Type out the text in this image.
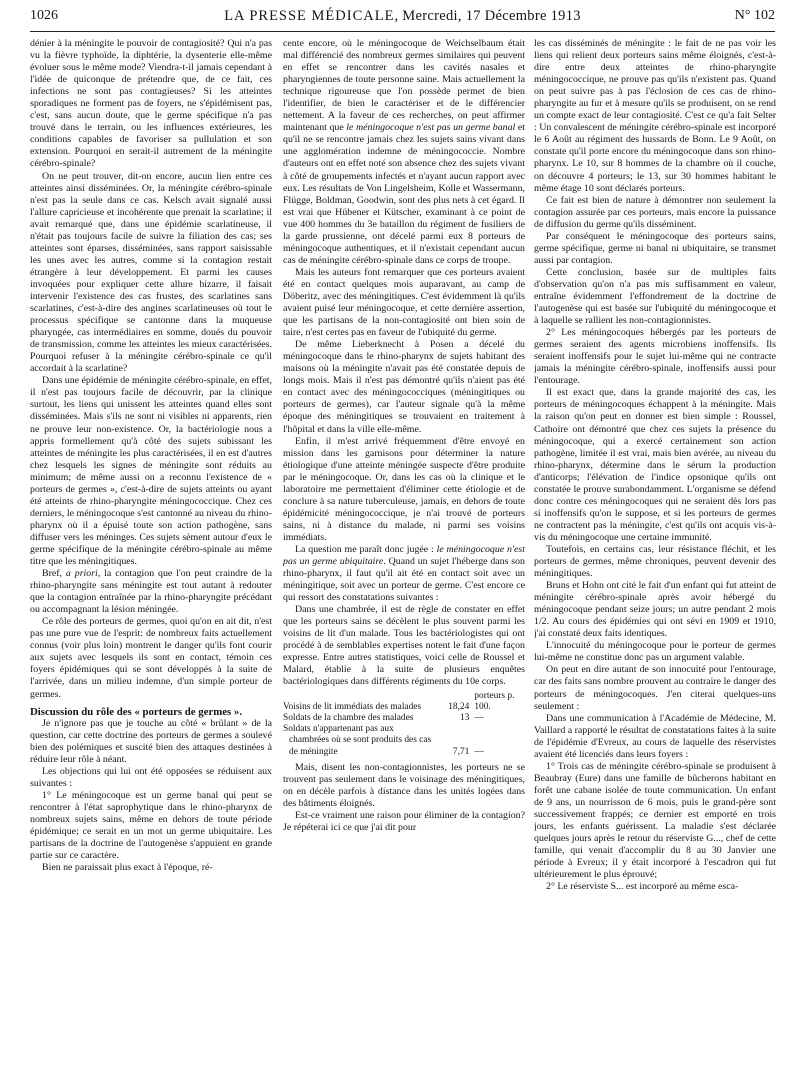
1026	LA PRESSE MÉDICALE, Mercredi, 17 Décembre 1913	N° 102

dénier à la méningite le pouvoir de contagiosité? Qui n'a pas vu la fièvre typhoïde, la diphtérie, la dysenterie elle-même évoluer sous le même mode? Viendra-t-il jamais cependant à l'idée de quiconque de prétendre que, de ce fait, ces infections ne sont pas contagieuses? Si les atteintes sporadiques ne forment pas de foyers, ne s'épidémisent pas, c'est, sans aucun doute, que le germe spécifique n'a pas trouvé dans le terrain, ou les influences extérieures, les conditions capables de favoriser sa pullulation et son extension. Pourquoi en serait-il autrement de la méningite cérébro-spinale?

On ne peut trouver, dit-on encore, aucun lien entre ces atteintes ainsi disséminées. Or, la méningite cérébro-spinale n'est pas la seule dans ce cas. Kelsch avait signalé aussi l'allure capricieuse et incohérente que prenait la scarlatine; il avait remarqué que, dans une épidémie scarlatineuse, il n'était pas toujours facile de suivre la filiation des cas; ses atteintes sont éparses, disséminées, sans rapport saisissable les unes avec les autres, comme si la contagion restait étrangère à leur développement. Et parmi les causes invoquées pour expliquer cette allure bizarre, il faisait intervenir l'existence des cas frustes, des scarlatines sans scarlatines, c'est-à-dire des angines scarlatineuses où tout le processus spécifique se cantonne dans la muqueuse pharyngée, cas intermédiaires en somme, doués du pouvoir de transmission, comme les atteintes les mieux caractérisées. Pourquoi refuser à la méningite cérébro-spinale ce qu'il accordait à la scarlatine?

Dans une épidémie de méningite cérébro-spinale, en effet, il n'est pas toujours facile de découvrir, par la clinique surtout, les liens qui unissent les atteintes quand elles sont disséminées. Mais s'ils ne sont ni visibles ni apparents, rien ne prouve leur non-existence. Or, la bactériologie nous a appris formellement qu'à côté des sujets subissant les atteintes de méningite les plus caractérisées, il en est d'autres chez lesquels les signes de méningite sont réduits au minimum; de même aussi on a reconnu l'existence de « porteurs de germes », c'est-à-dire de sujets atteints ou ayant été atteints de rhino-pharyngite méningococcique. Chez ces derniers, le méningocoque s'est cantonné au niveau du rhino-pharynx où il a épuisé toute son action pathogène, sans diffuser vers les méninges. Ces sujets sèment autour d'eux le germe spécifique de la méningite cérébro-spinale au même titre que les méningitiques.

Bref, a priori, la contagion que l'on peut craindre de la rhino-pharyngite sans méningite est tout autant à redouter que la contagion entraînée par la rhino-pharyngite précédant ou accompagnant la lésion méningée.

Ce rôle des porteurs de germes, quoi qu'on en ait dit, n'est pas une pure vue de l'esprit: de nombreux faits actuellement connus (voir plus loin) montrent le danger qu'ils font courir aux sujets avec lesquels ils sont en contact, témoin ces foyers épidémiques qui se sont développés à la suite de l'arrivée, dans un milieu indemne, d'un simple porteur de germes.

Discussion du rôle des « porteurs de germes ».

Je n'ignore pas que je touche au côté « brûlant » de la question, car cette doctrine des porteurs de germes a soulevé bien des polémiques et suscité bien des attaques destinées à réduire leur rôle à néant.

Les objections qui lui ont été opposées se réduisent aux suivantes :

1° Le méningocoque est un germe banal qui peut se rencontrer à l'état saprophytique dans le rhino-pharynx de nombreux sujets sains, même en dehors de toute période épidémique; ce serait en un mot un germe ubiquitaire. Les partisans de la doctrine de l'autogenèse s'appuient en grande partie sur ce caractère.

Bien ne paraissait plus exact à l'époque, ré-

cente encore, où le méningocoque de Weichselbaum était mal différencié des nombreux germes similaires qui peuvent en effet se rencontrer dans les cavités nasales et pharyngiennes de toute personne saine. Mais actuellement la technique rigoureuse que l'on possède permet de bien l'identifier, de bien le caractériser et de le différencier nettement. A la faveur de ces recherches, on peut affirmer maintenant que le méningocoque n'est pas un germe banal et qu'il ne se rencontre jamais chez les sujets sains vivant dans une agglomération indemne de méningococcie. Nombre d'auteurs ont en effet noté son absence chez des sujets vivant à côté de groupements infectés et n'ayant aucun rapport avec eux. Les résultats de Von Lingelsheim, Kolle et Wassermann, Flügge, Boldman, Goodwin, sont des plus nets à cet égard. Il est vrai que Hübener et Kütscher, examinant à ce point de vue 400 hommes du 3e bataillon du régiment de fusiliers de la garde prussienne, ont décelé parmi eux 8 porteurs de méningocoque authentiques, et il n'existait cependant aucun cas de méningite cérébro-spinale dans ce corps de troupe.

Mais les auteurs font remarquer que ces porteurs avaient été en contact quelques mois auparavant, au camp de Döberitz, avec des méningitiques. C'est évidemment là qu'ils avaient puisé leur méningocoque, et cette dernière assertion, que les partisans de la non-contagiosité ont bien soin de taire, n'est certes pas en faveur de l'ubiquité du germe.

De même Lieberknecht à Posen a décelé du méningocoque dans le rhino-pharynx de sujets habitant des maisons où la méningite n'avait pas été constatée depuis de longs mois. Mais il n'est pas démontré qu'ils n'aient pas été en contact avec des méningococciques (méningitiques ou porteurs de germes), car l'auteur signale qu'à la même époque des méningitiques se trouvaient en traitement à l'hôpital et dans la ville elle-même.

Enfin, il m'est arrivé fréquemment d'être envoyé en mission dans les garnisons pour déterminer la nature étiologique d'une atteinte méningée suspecte d'être produite par le méningocoque. Or, dans les cas où la clinique et le laboratoire me permettaient d'éliminer cette étiologie et de conclure à sa nature tuberculeuse, jamais, en dehors de toute épidémicité méningococcique, je n'ai trouvé de porteurs sains, ni à distance du malade, ni parmi ses voisins immédiats.

La question me paraît donc jugée : le méningocoque n'est pas un germe ubiquitaire. Quand un sujet l'héberge dans son rhino-pharynx, il faut qu'il ait été en contact soit avec un méningitique, soit avec un porteur de germe. C'est encore ce qui ressort des constatations suivantes :

Dans une chambrée, il est de règle de constater en effet que les porteurs sains se décèlent le plus souvent parmi les voisins de lit d'un malade. Tous les bactériologistes qui ont procédé à de semblables expertises notent le fait d'une façon expresse. Entre autres statistiques, voici celle de Roussel et Malard, établie à la suite de plusieurs enquêtes bactériologiques dans différents régiments du 10e corps.

Voisins de lit immédiats des malades	18,24	porteurs p. 100.
Soldats de la chambre des malades	13	—
Soldats n'appartenant pas aux chambrées où se sont produits des cas de méningite	7,71	—

Mais, disent les non-contagionnistes, les porteurs ne se trouvent pas seulement dans le voisinage des méningitiques, on en décèle parfois à distance dans les unités logées dans des bâtiments éloignés.

Est-ce vraiment une raison pour éliminer de la contagion? Je répéterai ici ce que j'ai dit pour

les cas disséminés de méningite : le fait de ne pas voir les liens qui relient deux porteurs sains même éloignés, c'est-à-dire entre deux atteintes de rhino-pharyngite méningococcique, ne prouve pas qu'ils n'existent pas. Quand on peut suivre pas à pas l'éclosion de ces cas de rhino-pharyngite au fur et à mesure qu'ils se produisent, on se rend un compte exact de leur contagiosité. C'est ce qu'a fait Selter : Un convalescent de méningite cérébro-spinale est incorporé le 6 Août au régiment des hussards de Bonn. Le 9 Août, on constate qu'il porte encore du méningocoque dans son rhino-pharynx. Le 10, sur 8 hommes de la chambre où il couche, on découvre 4 porteurs; le 13, sur 30 hommes habitant le même étage 10 sont déclarés porteurs.

Ce fait est bien de nature à démontrer non seulement la contagion assurée par ces porteurs, mais encore la puissance de diffusion du germe qu'ils disséminent.

Par conséquent le méningocoque des porteurs sains, germe spécifique, germe ni banal ni ubiquitaire, se transmet aussi par contagion.

Cette conclusion, basée sur de multiples faits d'observation qu'on n'a pas mis suffisamment en valeur, entraîne évidemment l'effondrement de la doctrine de l'autogenèse qui est basée sur l'ubiquité du méningocoque et à laquelle se rallient les non-contagionnistes.

2° Les méningocoques hébergés par les porteurs de germes seraient des agents microbiens inoffensifs. Ils seraient inoffensifs pour le sujet lui-même qui ne contracte jamais la méningite cérébro-spinale, inoffensifs aussi pour l'entourage.

Il est exact que, dans la grande majorité des cas, les porteurs de méningocoques échappent à la méningite. Mais la raison qu'on peut en donner est bien simple : Roussel, Cathoire ont démontré que chez ces sujets la présence du méningocoque, qui a exercé certainement son action pathogène, limitée il est vrai, mais bien avérée, au niveau du rhino-pharynx, détermine dans le sérum la production d'anticorps; l'élévation de l'indice opsonique qu'ils ont constatée le prouve surabondamment. L'organisme se défend donc contre ces méningocoques qui ne seraient dès lors pas si inoffensifs qu'on le suppose, et si les porteurs de germes ne contractent pas la méningite, c'est qu'ils ont acquis vis-à-vis du méningocoque une certaine immunité.

Toutefois, en certains cas, leur résistance fléchit, et les porteurs de germes, même chroniques, peuvent devenir des méningitiques.

Bruns et Hohn ont cité le fait d'un enfant qui fut atteint de méningite cérébro-spinale après avoir hébergé du méningocoque pendant seize jours; un autre pendant 2 mois 1/2. Au cours des épidémies qui ont sévi en 1909 et 1910, j'ai constaté deux faits identiques.

L'innocuité du méningocoque pour le porteur de germes lui-même ne constitue donc pas un argument valable.

On peut en dire autant de son innocuité pour l'entourage, car des faits sans nombre prouvent au contraire le danger des porteurs de méningocoques. J'en citerai quelques-uns seulement :

Dans une communication à l'Académie de Médecine, M. Vaillard a rapporté le résultat de constatations faites à la suite de l'épidémie d'Evreux, au cours de laquelle des réservistes avaient été licenciés dans leurs foyers :

1° Trois cas de méningite cérébro-spinale se produisent à Beaubray (Eure) dans une famille de bûcherons habitant en forêt une cabane isolée de toute communication. Un enfant de 9 ans, un nourrisson de 6 mois, puis le grand-père sont successivement frappés; ce dernier est emporté en trois jours, les enfants guérissent. La maladie s'est déclarée quelques jours après le retour du réserviste G..., chef de cette famille, qui venait d'accomplir du 8 au 30 Janvier une période à Evreux; il y était incorporé à l'escadron qui fut ultérieurement le plus éprouvé;

2° Le réserviste S... est incorporé au même esca-
